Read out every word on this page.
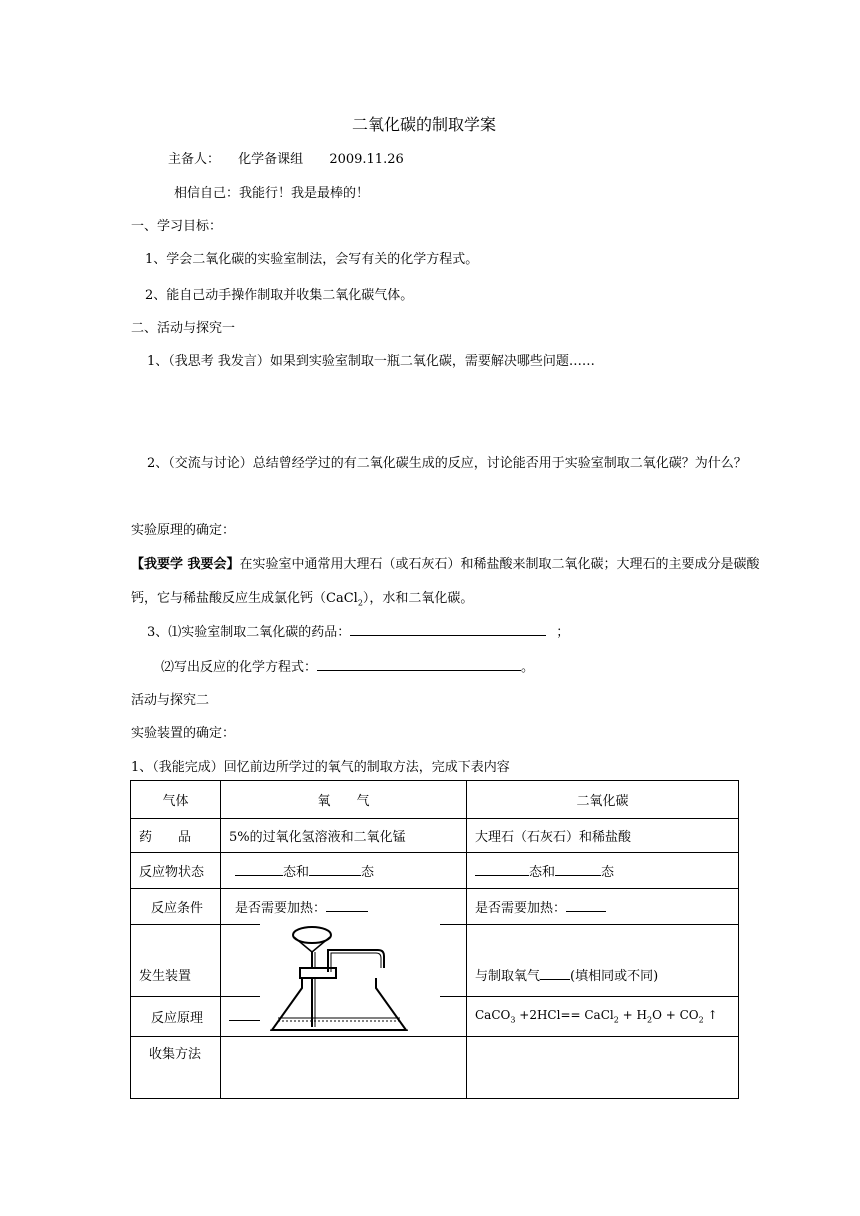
二氧化碳的制取学案
主备人： 化学备课组 2009.11.26
相信自己：我能行！我是最棒的！
一、学习目标：
1、学会二氧化碳的实验室制法，会写有关的化学方程式。
2、能自己动手操作制取并收集二氧化碳气体。
二、活动与探究一
1、（我思考 我发言）如果到实验室制取一瓶二氧化碳，需要解决哪些问题……
2、（交流与讨论）总结曾经学过的有二氧化碳生成的反应，讨论能否用于实验室制取二氧化碳？为什么？
实验原理的确定：
【我要学 我要会】在实验室中通常用大理石（或石灰石）和稀盐酸来制取二氧化碳；大理石的主要成分是碳酸
钙，它与稀盐酸反应生成氯化钙（CaCl$_2$），水和二氧化碳。
3、⑴实验室制取二氧化碳的药品：	；
⑵写出反应的化学方程式：	。
活动与探究二
实验装置的确定：
1、（我能完成）回忆前边所学过的氧气的制取方法，完成下表内容
气体	氧　　气	二氧化碳
药　　品	5%的过氧化氢溶液和二氧化锰	大理石（石灰石）和稀盐酸
反应物状态	态和 态	态和 态
反应条件	是否需要加热：	是否需要加热：
发生装置		与制取氧气 (填相同或不同)
反应原理		CaCO$_3$ +2HCl== CaCl$_2$ + $H_2O + CO_2$ ↑
收集方法		
